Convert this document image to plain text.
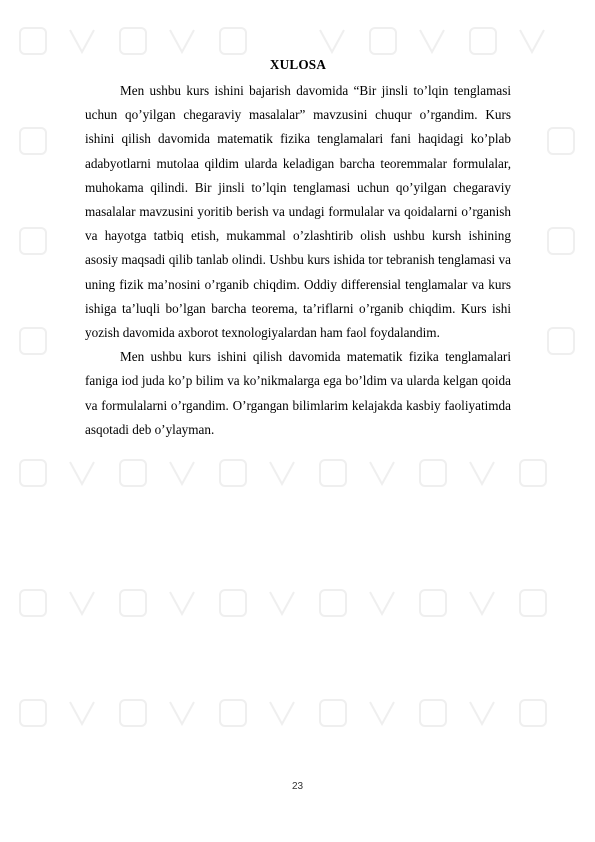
XULOSA

Men ushbu kurs ishini bajarish davomida “Bir jinsli to’lqin tenglamasi uchun qo’yilgan chegaraviy masalalar” mavzusini chuqur o’rgandim. Kurs ishini qilish davomida matematik fizika tenglamalari fani haqidagi ko’plab adabyotlarni mutolaa qildim ularda keladigan barcha teoremmalar formulalar, muhokama qilindi. Bir jinsli to’lqin tenglamasi uchun qo’yilgan chegaraviy masalalar mavzusini yoritib berish va undagi formulalar va qoidalarni o’rganish va hayotga tatbiq etish, mukammal o’zlashtirib olish ushbu kursh ishining asosiy maqsadi qilib tanlab olindi. Ushbu kurs ishida tor tebranish tenglamasi va uning fizik ma’nosini o’rganib chiqdim. Oddiy differensial tenglamalar va kurs ishiga ta’luqli bo’lgan barcha teorema, ta’riflarni o’rganib chiqdim. Kurs ishi yozish davomida axborot texnologiyalardan ham faol foydalandim.

Men ushbu kurs ishini qilish davomida matematik fizika tenglamalari faniga iod juda ko’p bilim va ko’nikmalarga ega bo’ldim va ularda kelgan qoida va formulalarni o’rgandim. O’rgangan bilimlarim kelajakda kasbiy faoliyatimda asqotadi deb o’ylayman.

23
